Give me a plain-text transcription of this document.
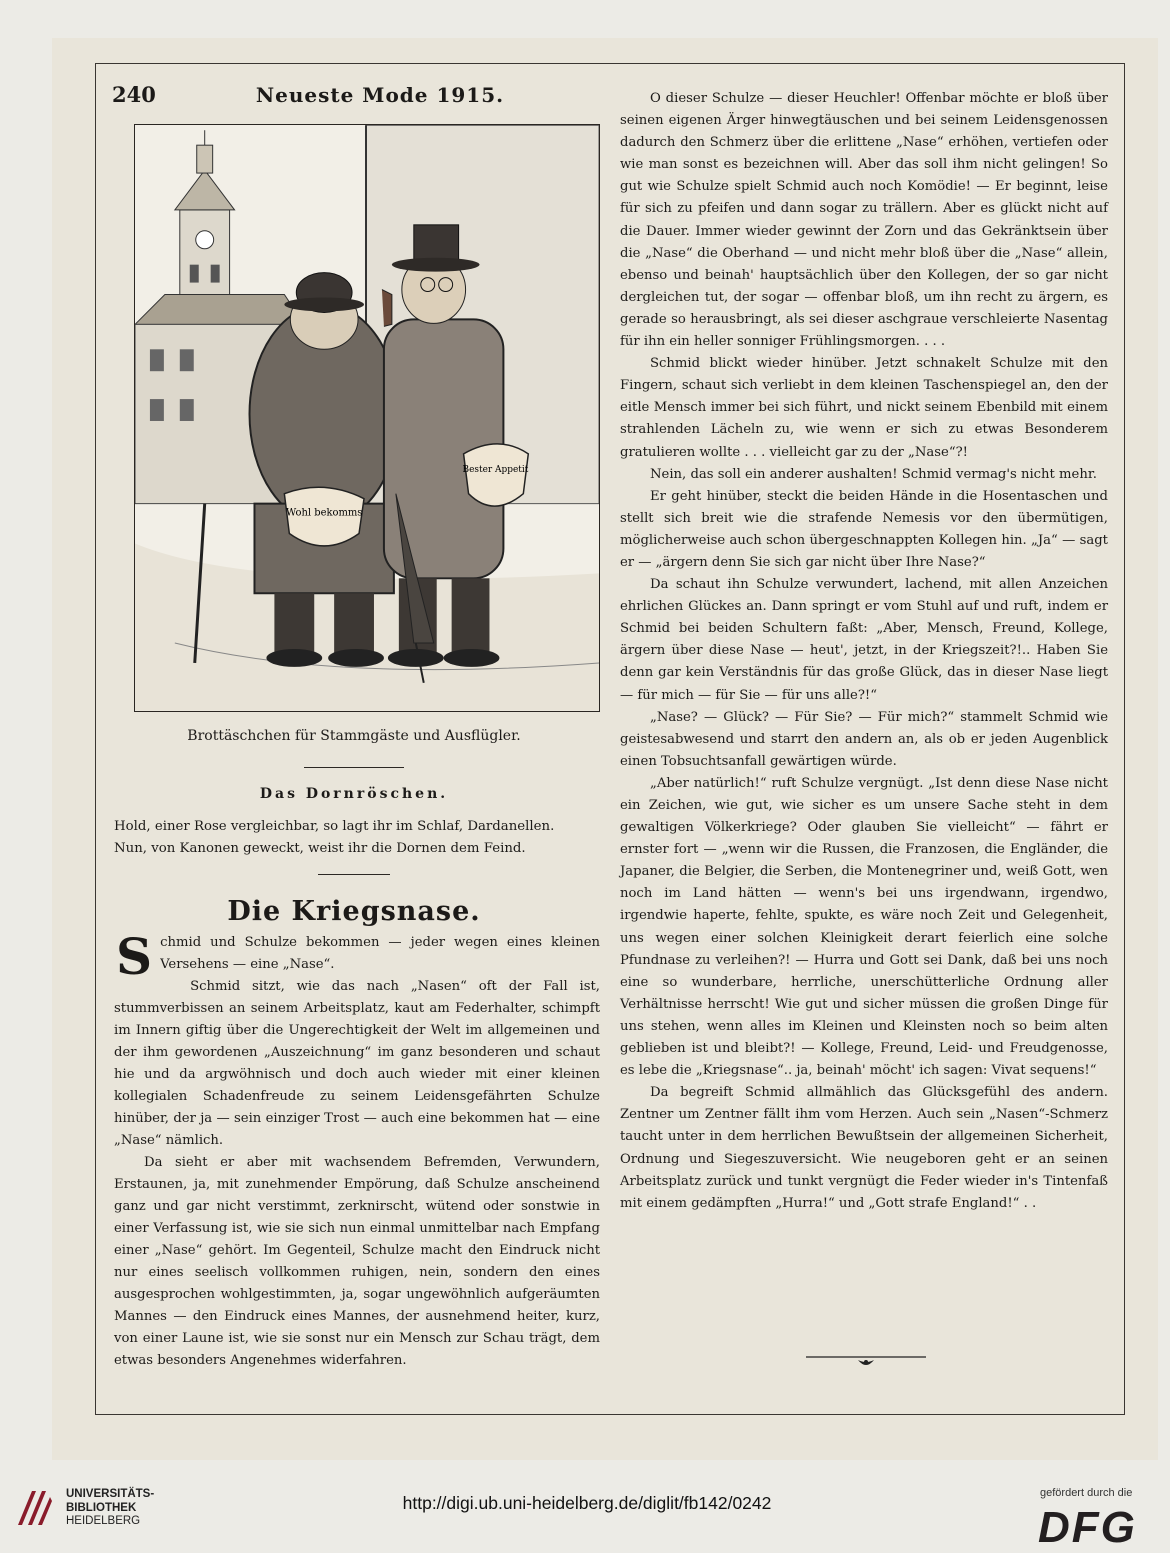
240	Neueste Mode 1915.
Wohl bekomms
Bester Appetit
Brottäschchen für Stammgäste und Ausflügler.
Das Dornröschen.

Hold, einer Rose vergleichbar, so lagt ihr im Schlaf, Dardanellen.

Nun, von Kanonen geweckt, weist ihr die Dornen dem Feind.

Die Kriegsnase.

Schmid und Schulze bekommen — jeder wegen eines kleinen Versehens — eine „Nase“.

Schmid sitzt, wie das nach „Nasen“ oft der Fall ist, stummverbissen an seinem Arbeitsplatz, kaut am Federhalter, schimpft im Innern giftig über die Ungerechtigkeit der Welt im allgemeinen und der ihm gewordenen „Auszeichnung“ im ganz besonderen und schaut hie und da argwöhnisch und doch auch wieder mit einer kleinen kollegialen Schadenfreude zu seinem Leidensgefährten Schulze hinüber, der ja — sein einziger Trost — auch eine bekommen hat — eine „Nase“ nämlich.

Da sieht er aber mit wachsendem Befremden, Verwundern, Erstaunen, ja, mit zunehmender Empörung, daß Schulze anscheinend ganz und gar nicht verstimmt, zerknirscht, wütend oder sonstwie in einer Verfassung ist, wie sie sich nun einmal unmittelbar nach Empfang einer „Nase“ gehört. Im Gegenteil, Schulze macht den Eindruck nicht nur eines seelisch vollkommen ruhigen, nein, sondern den eines ausgesprochen wohlgestimmten, ja, sogar ungewöhnlich aufgeräumten Mannes — den Eindruck eines Mannes, der ausnehmend heiter, kurz, von einer Laune ist, wie sie sonst nur ein Mensch zur Schau trägt, dem etwas besonders Angenehmes widerfahren.

O dieser Schulze — dieser Heuchler! Offenbar möchte er bloß über seinen eigenen Ärger hinwegtäuschen und bei seinem Leidensgenossen dadurch den Schmerz über die erlittene „Nase“ erhöhen, vertiefen oder wie man sonst es bezeichnen will. Aber das soll ihm nicht gelingen! So gut wie Schulze spielt Schmid auch noch Komödie! — Er beginnt, leise für sich zu pfeifen und dann sogar zu trällern. Aber es glückt nicht auf die Dauer. Immer wieder gewinnt der Zorn und das Gekränktsein über die „Nase“ die Oberhand — und nicht mehr bloß über die „Nase“ allein, ebenso und beinah' hauptsächlich über den Kollegen, der so gar nicht dergleichen tut, der sogar — offenbar bloß, um ihn recht zu ärgern, es gerade so herausbringt, als sei dieser aschgraue verschleierte Nasentag für ihn ein heller sonniger Frühlingsmorgen. . . .

Schmid blickt wieder hinüber. Jetzt schnakelt Schulze mit den Fingern, schaut sich verliebt in dem kleinen Taschenspiegel an, den der eitle Mensch immer bei sich führt, und nickt seinem Ebenbild mit einem strahlenden Lächeln zu, wie wenn er sich zu etwas Besonderem gratulieren wollte . . . vielleicht gar zu der „Nase“?!

Nein, das soll ein anderer aushalten! Schmid vermag's nicht mehr.

Er geht hinüber, steckt die beiden Hände in die Hosentaschen und stellt sich breit wie die strafende Nemesis vor den übermütigen, möglicherweise auch schon übergeschnappten Kollegen hin. „Ja“ — sagt er — „ärgern denn Sie sich gar nicht über Ihre Nase?“

Da schaut ihn Schulze verwundert, lachend, mit allen Anzeichen ehrlichen Glückes an. Dann springt er vom Stuhl auf und ruft, indem er Schmid bei beiden Schultern faßt: „Aber, Mensch, Freund, Kollege, ärgern über diese Nase — heut', jetzt, in der Kriegszeit?!.. Haben Sie denn gar kein Verständnis für das große Glück, das in dieser Nase liegt — für mich — für Sie — für uns alle?!“

„Nase? — Glück? — Für Sie? — Für mich?“ stammelt Schmid wie geistesabwesend und starrt den andern an, als ob er jeden Augenblick einen Tobsuchtsanfall gewärtigen würde.

„Aber natürlich!“ ruft Schulze vergnügt. „Ist denn diese Nase nicht ein Zeichen, wie gut, wie sicher es um unsere Sache steht in dem gewaltigen Völkerkriege? Oder glauben Sie vielleicht“ — fährt er ernster fort — „wenn wir die Russen, die Franzosen, die Engländer, die Japaner, die Belgier, die Serben, die Montenegriner und, weiß Gott, wen noch im Land hätten — wenn's bei uns irgendwann, irgendwo, irgendwie haperte, fehlte, spukte, es wäre noch Zeit und Gelegenheit, uns wegen einer solchen Kleinigkeit derart feierlich eine solche Pfundnase zu verleihen?! — Hurra und Gott sei Dank, daß bei uns noch eine so wunderbare, herrliche, unerschütterliche Ordnung aller Verhältnisse herrscht! Wie gut und sicher müssen die großen Dinge für uns stehen, wenn alles im Kleinen und Kleinsten noch so beim alten geblieben ist und bleibt?! — Kollege, Freund, Leid- und Freudgenosse, es lebe die „Kriegsnase“.. ja, beinah' möcht' ich sagen: Vivat sequens!“

Da begreift Schmid allmählich das Glücksgefühl des andern. Zentner um Zentner fällt ihm vom Herzen. Auch sein „Nasen“-Schmerz taucht unter in dem herrlichen Bewußtsein der allgemeinen Sicherheit, Ordnung und Siegeszuversicht. Wie neugeboren geht er an seinen Arbeitsplatz zurück und tunkt vergnügt die Feder wieder in's Tintenfaß mit einem gedämpften „Hurra!“ und „Gott strafe England!“ . .

UNIVERSITÄTS-
BIBLIOTHEK
HEIDELBERG
http://digi.ub.uni-heidelberg.de/diglit/fb142/0242	gefördert durch die
DFG
